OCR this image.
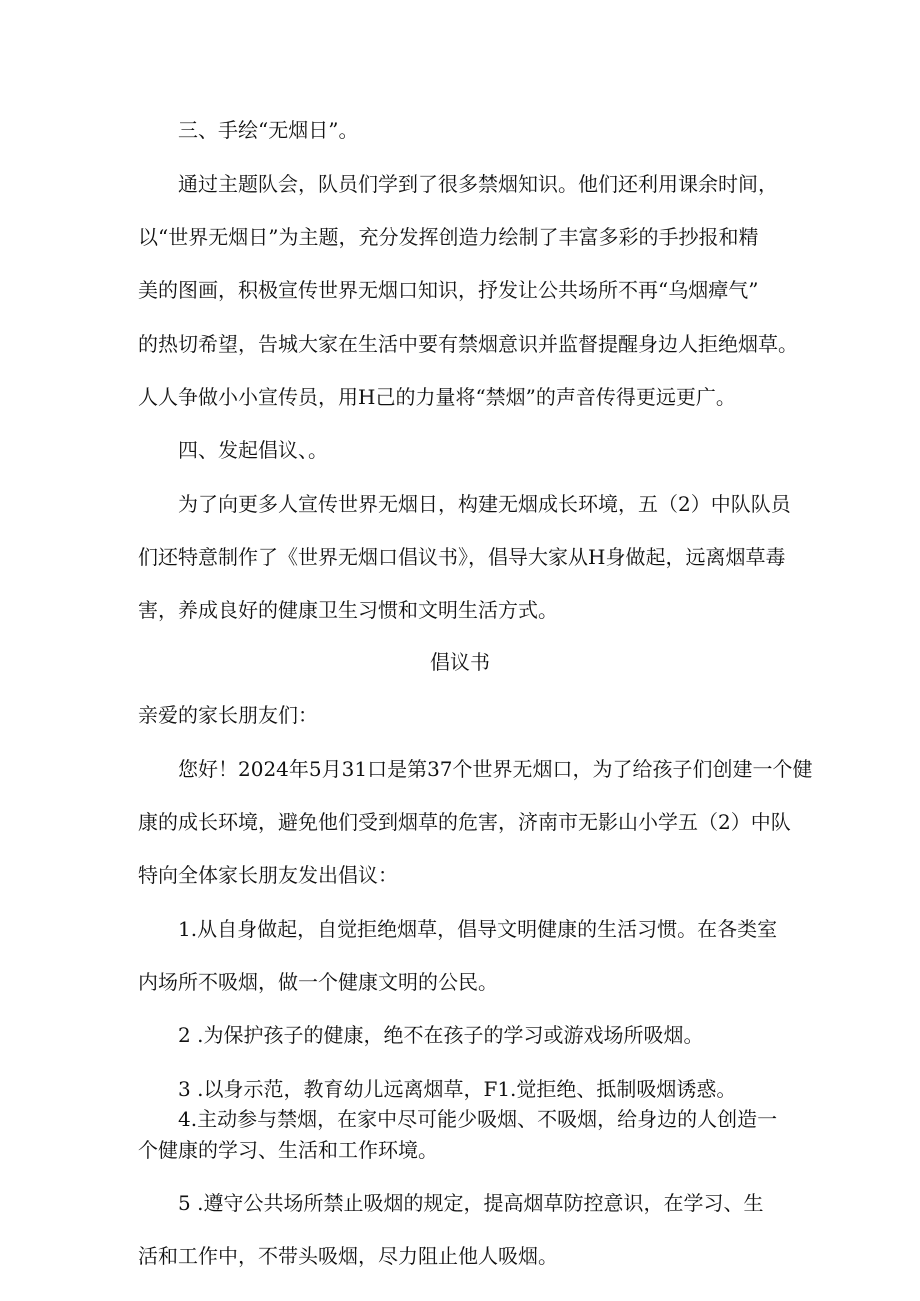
三、手绘“无烟日”。

通过主题队会，队员们学到了很多禁烟知识。他们还利用课余时间，

以“世界无烟日”为主题，充分发挥创造力绘制了丰富多彩的手抄报和精

美的图画，积极宣传世界无烟口知识，抒发让公共场所不再“乌烟瘴气”

的热切希望，告城大家在生活中要有禁烟意识并监督提醒身边人拒绝烟草。

人人争做小小宣传员，用H己的力量将“禁烟”的声音传得更远更广。

四、发起倡议、。

为了向更多人宣传世界无烟日，构建无烟成长环境，五（2）中队队员

们还特意制作了《世界无烟口倡议书》，倡导大家从H身做起，远离烟草毒

害，养成良好的健康卫生习惯和文明生活方式。

倡议书

亲爱的家长朋友们：

您好！2024年5月31口是第37个世界无烟口，为了给孩子们创建一个健

康的成长环境，避免他们受到烟草的危害，济南市无影山小学五（2）中队

特向全体家长朋友发出倡议：

1.从自身做起，自觉拒绝烟草，倡导文明健康的生活习惯。在各类室

内场所不吸烟，做一个健康文明的公民。

2 .为保护孩子的健康，绝不在孩子的学习或游戏场所吸烟。

3 .以身示范，教育幼儿远离烟草，F1.觉拒绝、抵制吸烟诱惑。

4.主动参与禁烟，在家中尽可能少吸烟、不吸烟，给身边的人创造一

个健康的学习、生活和工作环境。

5 .遵守公共场所禁止吸烟的规定，提高烟草防控意识，在学习、生

活和工作中，不带头吸烟，尽力阻止他人吸烟。
